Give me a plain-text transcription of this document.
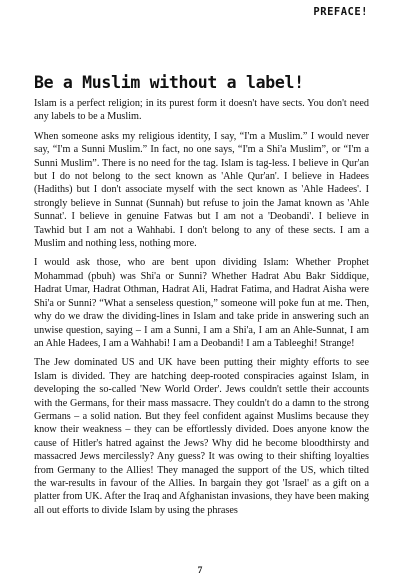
PREFACE!
Be a Muslim without a label!

Islam is a perfect religion; in its purest form it doesn't have sects. You don't need any labels to be a Muslim.

When someone asks my religious identity, I say, “I'm a Muslim.” I would never say, “I'm a Sunni Muslim.” In fact, no one says, “I'm a Shi'a Muslim”, or “I'm a Sunni Muslim”. There is no need for the tag. Islam is tag-less. I believe in Qur'an but I do not belong to the sect known as 'Ahle Qur'an'. I believe in Hadees (Hadiths) but I don't associate myself with the sect known as 'Ahle Hadees'. I strongly believe in Sunnat (Sunnah) but refuse to join the Jamat known as 'Ahle Sunnat'. I believe in genuine Fatwas but I am not a 'Deobandi'. I believe in Tawhid but I am not a Wahhabi. I don't belong to any of these sects. I am a Muslim and nothing less, nothing more.

I would ask those, who are bent upon dividing Islam: Whether Prophet Mohammad (pbuh) was Shi'a or Sunni? Whether Hadrat Abu Bakr Siddique, Hadrat Umar, Hadrat Othman, Hadrat Ali, Hadrat Fatima, and Hadrat Aisha were Shi'a or Sunni? “What a senseless question,” someone will poke fun at me. Then, why do we draw the dividing-lines in Islam and take pride in answering such an unwise question, saying – I am a Sunni, I am a Shi'a, I am an Ahle-Sunnat, I am an Ahle Hadees, I am a Wahhabi! I am a Deobandi! I am a Tableeghi! Strange!

The Jew dominated US and UK have been putting their mighty efforts to see Islam is divided. They are hatching deep-rooted conspiracies against Islam, in developing the so-called 'New World Order'. Jews couldn't settle their accounts with the Germans, for their mass massacre. They couldn't do a damn to the strong Germans – a solid nation. But they feel confident against Muslims because they know their weakness – they can be effortlessly divided. Does anyone know the cause of Hitler's hatred against the Jews? Why did he become bloodthirsty and massacred Jews mercilessly? Any guess? It was owing to their shifting loyalties from Germany to the Allies! They managed the support of the US, which tilted the war-results in favour of the Allies. In bargain they got 'Israel' as a gift on a platter from UK. After the Iraq and Afghanistan invasions, they have been making all out efforts to divide Islam by using the phrases

7
